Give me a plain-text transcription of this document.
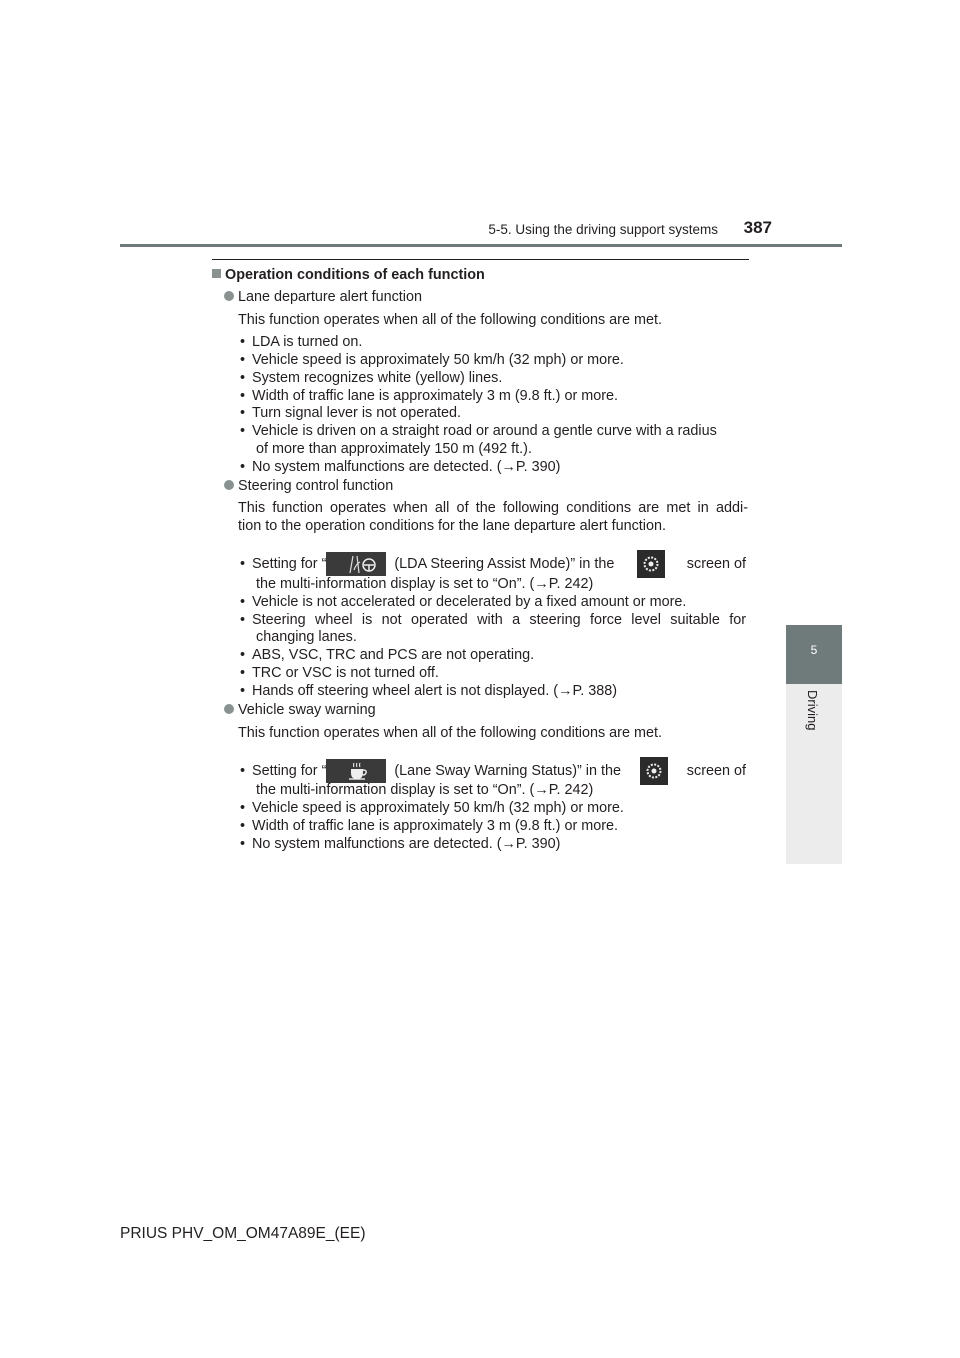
5-5. Using the driving support systems 387
5
Driving
Operation conditions of each function
Lane departure alert function
This function operates when all of the following conditions are met.
• LDA is turned on.
• Vehicle speed is approximately 50 km/h (32 mph) or more.
• System recognizes white (yellow) lines.
• Width of traffic lane is approximately 3 m (9.8 ft.) or more.
• Turn signal lever is not operated.
• Vehicle is driven on a straight road or around a gentle curve with a radius
of more than approximately 150 m (492 ft.).
• No system malfunctions are detected. (→P. 390)
Steering control function
This function operates when all of the following conditions are met in addi-
tion to the operation conditions for the lane departure alert function.
• Setting for “	(LDA Steering Assist Mode)” in the	screen of
the multi-information display is set to “On”. (→P. 242)
• Vehicle is not accelerated or decelerated by a fixed amount or more.
• Steering wheel is not operated with a steering force level suitable for
changing lanes.
• ABS, VSC, TRC and PCS are not operating.
• TRC or VSC is not turned off.
• Hands off steering wheel alert is not displayed. (→P. 388)
Vehicle sway warning
This function operates when all of the following conditions are met.
• Setting for “	(Lane Sway Warning Status)” in the	screen of
the multi-information display is set to “On”. (→P. 242)
• Vehicle speed is approximately 50 km/h (32 mph) or more.
• Width of traffic lane is approximately 3 m (9.8 ft.) or more.
• No system malfunctions are detected. (→P. 390)
PRIUS PHV_OM_OM47A89E_(EE)
